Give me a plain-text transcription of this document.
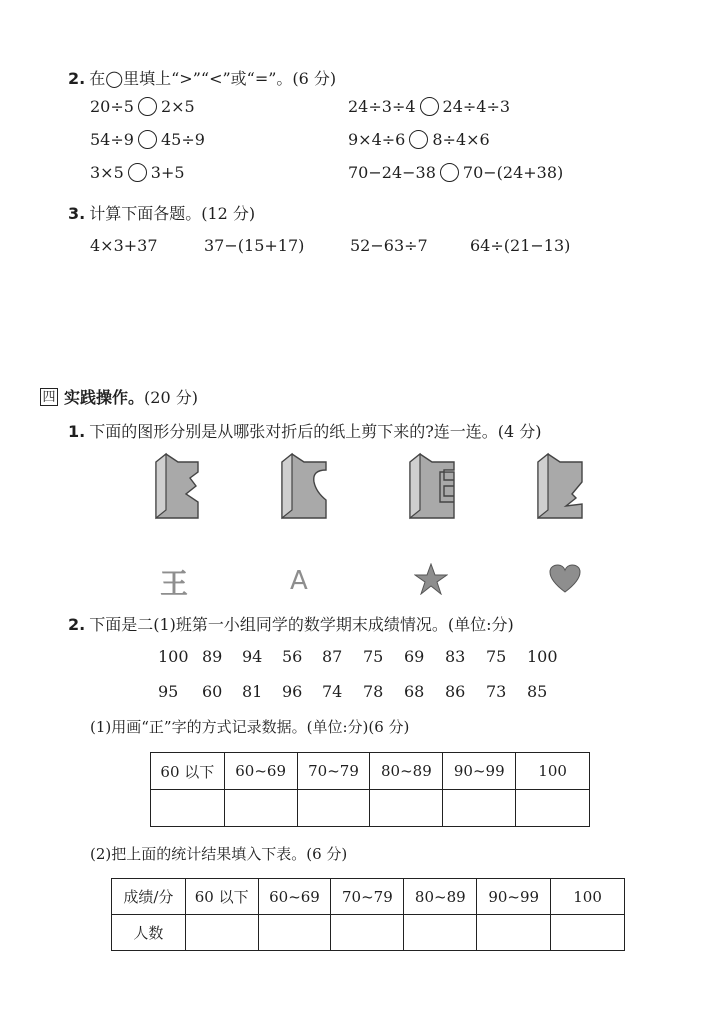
2. 在◯里填上“>”“<”或“=”。(6 分)
20÷5 2×5	24÷3÷4 24÷4÷3
54÷9 45÷9	9×4÷6 8÷4×6
3×5 3+5	70−24−38 70−(24+38)
3. 计算下面各题。(12 分)
4×3+37	37−(15+17)	52−63÷7	64÷(21−13)
四 实践操作。 (20 分)
1. 下面的图形分别是从哪张对折后的纸上剪下来的?连一连。(4 分)
王	A
2. 下面是二(1)班第一小组同学的数学期末成绩情况。(单位:分)
100 89	94	56	87	75	69	83	75	100
95	60	81	96	74	78	68	86	73	85
(1)用画“正”字的方式记录数据。(单位:分)(6 分)
60 以下	60~69	70~79	80~89	90~99	100

(2)把上面的统计结果填入下表。(6 分)
成绩/分	60 以下	60~69	70~79	80~89	90~99	100
人数						
